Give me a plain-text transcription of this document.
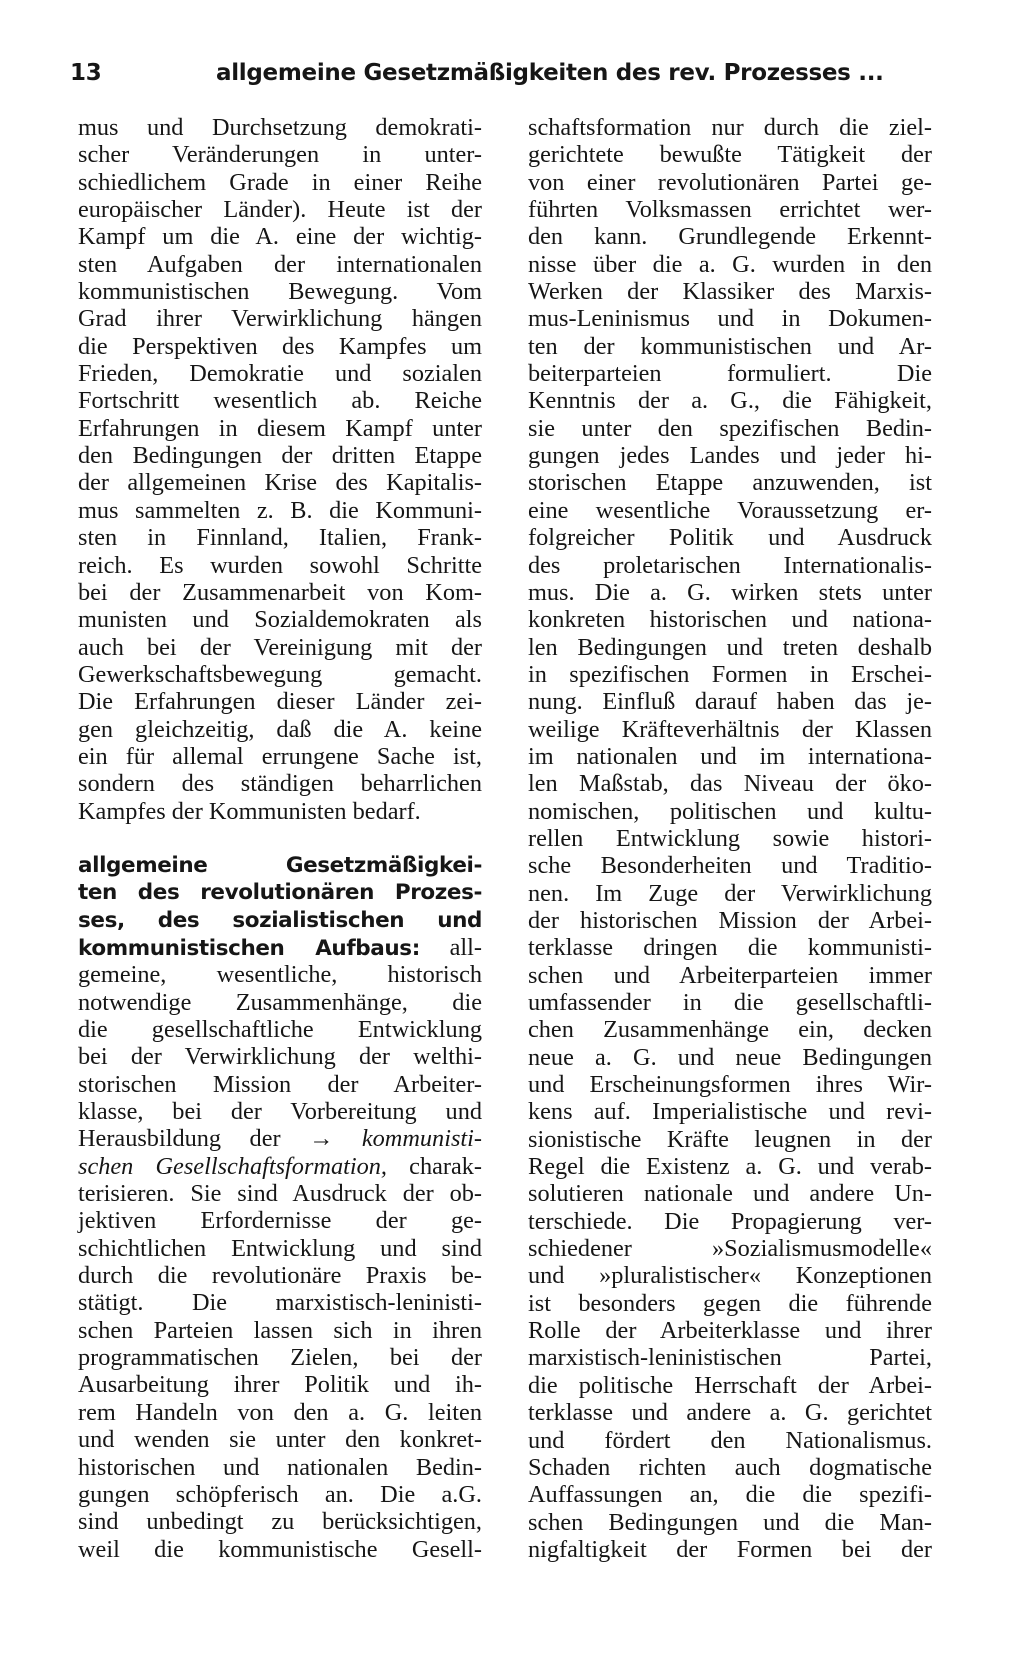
13	allgemeine Gesetzmäßigkeiten des rev. Prozesses ...
mus und Durchsetzung demokrati-
scher Veränderungen in unter-
schiedlichem Grade in einer Reihe
europäischer Länder). Heute ist der
Kampf um die A. eine der wichtig-
sten Aufgaben der internationalen
kommunistischen Bewegung. Vom
Grad ihrer Verwirklichung hängen
die Perspektiven des Kampfes um
Frieden, Demokratie und sozialen
Fortschritt wesentlich ab. Reiche
Erfahrungen in diesem Kampf unter
den Bedingungen der dritten Etappe
der allgemeinen Krise des Kapitalis-
mus sammelten z. B. die Kommuni-
sten in Finnland, Italien, Frank-
reich. Es wurden sowohl Schritte
bei der Zusammenarbeit von Kom-
munisten und Sozialdemokraten als
auch bei der Vereinigung mit der
Gewerkschaftsbewegung gemacht.
Die Erfahrungen dieser Länder zei-
gen gleichzeitig, daß die A. keine
ein für allemal errungene Sache ist,
sondern des ständigen beharrlichen
Kampfes der Kommunisten bedarf.
allgemeine Gesetzmäßigkei-
ten des revolutionären Prozes-
ses, des sozialistischen und
kommunistischen Aufbaus: all-
gemeine, wesentliche, historisch
notwendige Zusammenhänge, die
die gesellschaftliche Entwicklung
bei der Verwirklichung der welthi-
storischen Mission der Arbeiter-
klasse, bei der Vorbereitung und
Herausbildung der → kommunisti-
schen Gesellschaftsformation, charak-
terisieren. Sie sind Ausdruck der ob-
jektiven Erfordernisse der ge-
schichtlichen Entwicklung und sind
durch die revolutionäre Praxis be-
stätigt. Die marxistisch-leninisti-
schen Parteien lassen sich in ihren
programmatischen Zielen, bei der
Ausarbeitung ihrer Politik und ih-
rem Handeln von den a. G. leiten
und wenden sie unter den konkret-
historischen und nationalen Bedin-
gungen schöpferisch an. Die a.G.
sind unbedingt zu berücksichtigen,
weil die kommunistische Gesell-
schaftsformation nur durch die ziel-
gerichtete bewußte Tätigkeit der
von einer revolutionären Partei ge-
führten Volksmassen errichtet wer-
den kann. Grundlegende Erkennt-
nisse über die a. G. wurden in den
Werken der Klassiker des Marxis-
mus-Leninismus und in Dokumen-
ten der kommunistischen und Ar-
beiterparteien formuliert. Die
Kenntnis der a. G., die Fähigkeit,
sie unter den spezifischen Bedin-
gungen jedes Landes und jeder hi-
storischen Etappe anzuwenden, ist
eine wesentliche Voraussetzung er-
folgreicher Politik und Ausdruck
des proletarischen Internationalis-
mus. Die a. G. wirken stets unter
konkreten historischen und nationa-
len Bedingungen und treten deshalb
in spezifischen Formen in Erschei-
nung. Einfluß darauf haben das je-
weilige Kräfteverhältnis der Klassen
im nationalen und im internationa-
len Maßstab, das Niveau der öko-
nomischen, politischen und kultu-
rellen Entwicklung sowie histori-
sche Besonderheiten und Traditio-
nen. Im Zuge der Verwirklichung
der historischen Mission der Arbei-
terklasse dringen die kommunisti-
schen und Arbeiterparteien immer
umfassender in die gesellschaftli-
chen Zusammenhänge ein, decken
neue a. G. und neue Bedingungen
und Erscheinungsformen ihres Wir-
kens auf. Imperialistische und revi-
sionistische Kräfte leugnen in der
Regel die Existenz a. G. und verab-
solutieren nationale und andere Un-
terschiede. Die Propagierung ver-
schiedener »Sozialismusmodelle«
und »pluralistischer« Konzeptionen
ist besonders gegen die führende
Rolle der Arbeiterklasse und ihrer
marxistisch-leninistischen Partei,
die politische Herrschaft der Arbei-
terklasse und andere a. G. gerichtet
und fördert den Nationalismus.
Schaden richten auch dogmatische
Auffassungen an, die die spezifi-
schen Bedingungen und die Man-
nigfaltigkeit der Formen bei der
